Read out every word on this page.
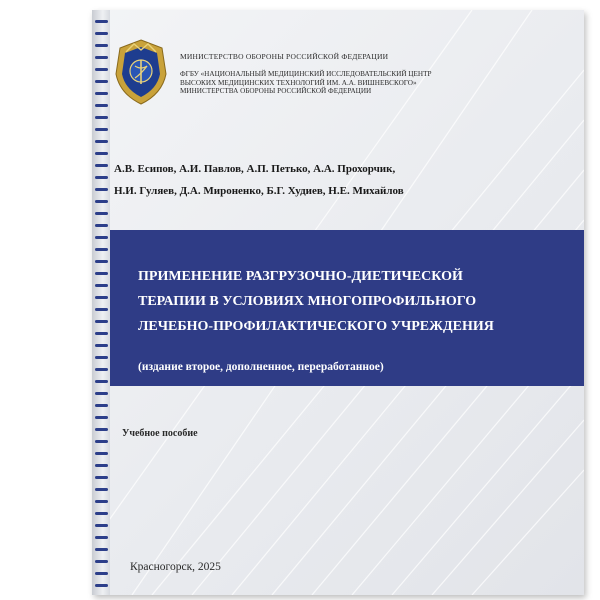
МИНИСТЕРСТВО ОБОРОНЫ РОССИЙСКОЙ ФЕДЕРАЦИИ
ФГБУ «НАЦИОНАЛЬНЫЙ МЕДИЦИНСКИЙ ИССЛЕДОВАТЕЛЬСКИЙ ЦЕНТР
ВЫСОКИХ МЕДИЦИНСКИХ ТЕХНОЛОГИЙ ИМ. А.А. ВИШНЕВСКОГО»
МИНИСТЕРСТВА ОБОРОНЫ РОССИЙСКОЙ ФЕДЕРАЦИИ
А.В. Есипов, А.И. Павлов, А.П. Петько, А.А. Прохорчик,
Н.И. Гуляев, Д.А. Мироненко, Б.Г. Худиев, Н.Е. Михайлов
ПРИМЕНЕНИЕ РАЗГРУЗОЧНО-ДИЕТИЧЕСКОЙ
ТЕРАПИИ В УСЛОВИЯХ МНОГОПРОФИЛЬНОГО
ЛЕЧЕБНО-ПРОФИЛАКТИЧЕСКОГО УЧРЕЖДЕНИЯ
(издание второе, дополненное, переработанное)
Учебное пособие
Красногорск, 2025
